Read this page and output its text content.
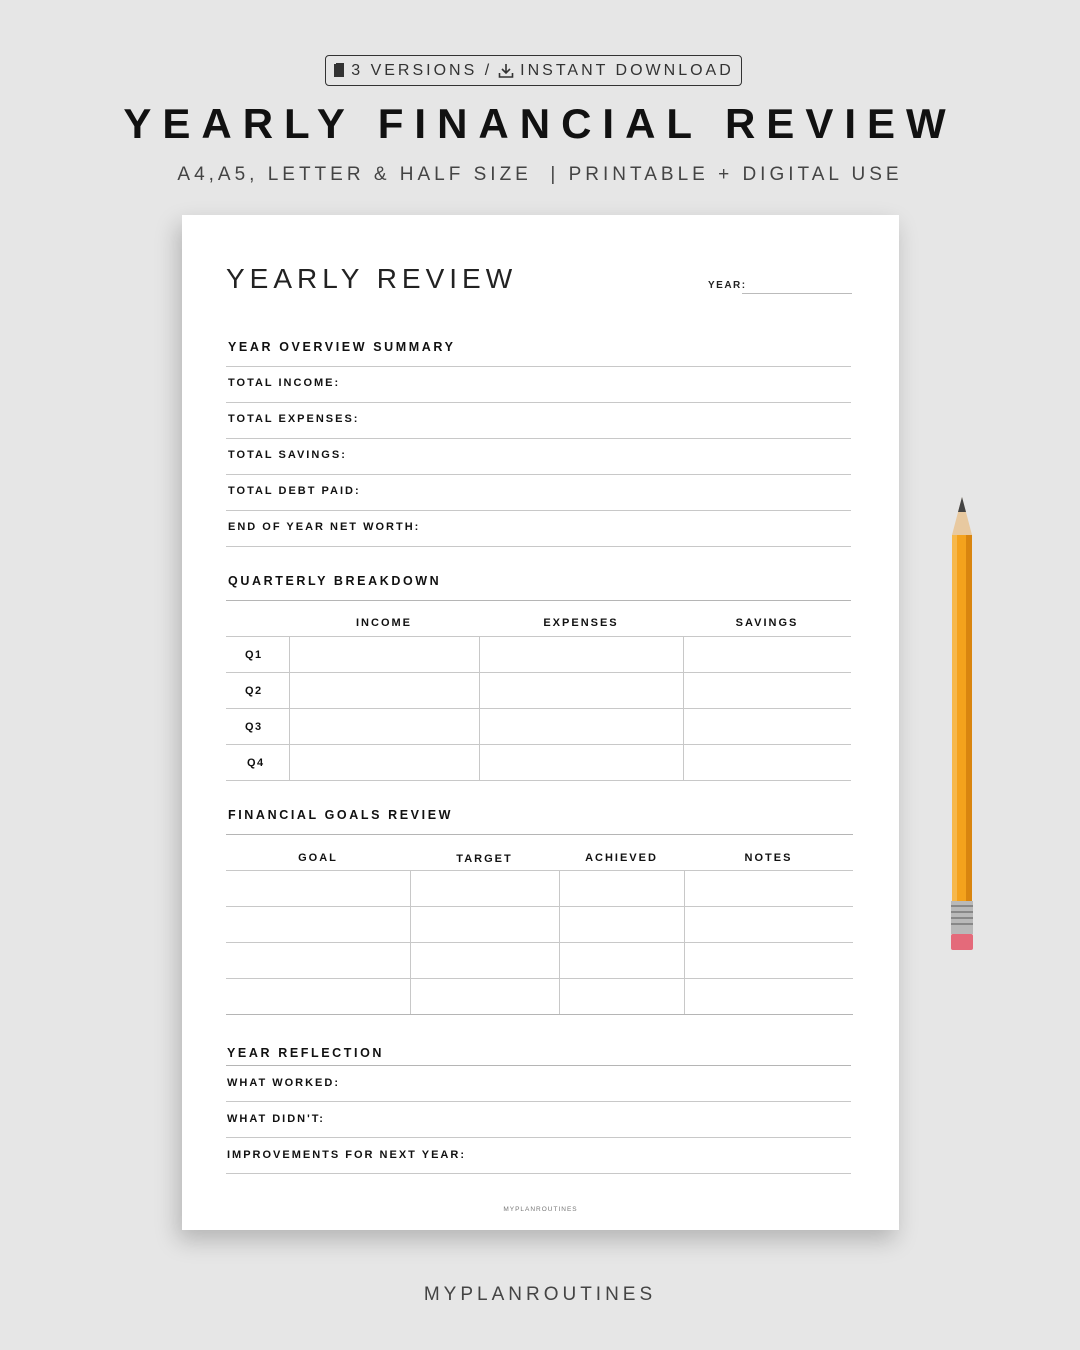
3 VERSIONS / INSTANT DOWNLOAD
YEARLY FINANCIAL REVIEW
A4,A5, LETTER & HALF SIZE  | PRINTABLE + DIGITAL USE
YEARLY REVIEW	YEAR:
YEAR OVERVIEW SUMMARY
TOTAL INCOME:
TOTAL EXPENSES:
TOTAL SAVINGS:
TOTAL DEBT PAID:
END OF YEAR NET WORTH:
QUARTERLY BREAKDOWN
INCOME	EXPENSES	SAVINGS
Q1
Q2
Q3
Q4
FINANCIAL GOALS REVIEW
GOAL	TARGET	ACHIEVED	NOTES
YEAR REFLECTION
WHAT WORKED:
WHAT DIDN'T:
IMPROVEMENTS FOR NEXT YEAR:
MYPLANROUTINES
MYPLANROUTINES
